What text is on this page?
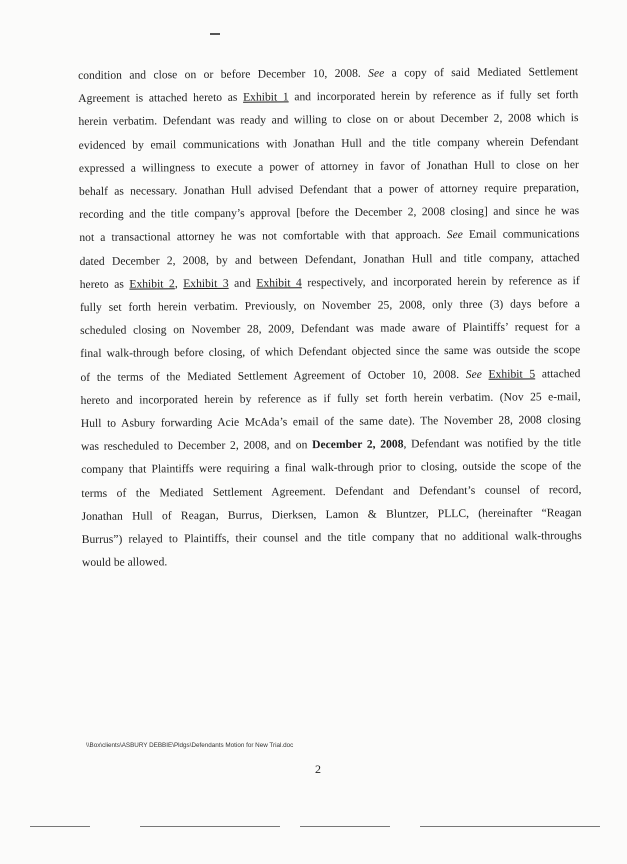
condition and close on or before December 10, 2008. See a copy of said Mediated Settlement
Agreement is attached hereto as Exhibit 1 and incorporated herein by reference as if fully set forth
herein verbatim. Defendant was ready and willing to close on or about December 2, 2008 which is
evidenced by email communications with Jonathan Hull and the title company wherein Defendant
expressed a willingness to execute a power of attorney in favor of Jonathan Hull to close on her
behalf as necessary. Jonathan Hull advised Defendant that a power of attorney require preparation,
recording and the title company’s approval [before the December 2, 2008 closing] and since he was
not a transactional attorney he was not comfortable with that approach. See Email communications
dated December 2, 2008, by and between Defendant, Jonathan Hull and title company, attached
hereto as Exhibit 2, Exhibit 3 and Exhibit 4 respectively, and incorporated herein by reference as if
fully set forth herein verbatim. Previously, on November 25, 2008, only three (3) days before a
scheduled closing on November 28, 2009, Defendant was made aware of Plaintiffs’ request for a
final walk-through before closing, of which Defendant objected since the same was outside the scope
of the terms of the Mediated Settlement Agreement of October 10, 2008. See Exhibit 5 attached
hereto and incorporated herein by reference as if fully set forth herein verbatim. (Nov 25 e-mail,
Hull to Asbury forwarding Acie McAda’s email of the same date). The November 28, 2008 closing
was rescheduled to December 2, 2008, and on December 2, 2008, Defendant was notified by the title
company that Plaintiffs were requiring a final walk-through prior to closing, outside the scope of the
terms of the Mediated Settlement Agreement. Defendant and Defendant’s counsel of record,
Jonathan Hull of Reagan, Burrus, Dierksen, Lamon & Bluntzer, PLLC, (hereinafter “Reagan
Burrus”) relayed to Plaintiffs, their counsel and the title company that no additional walk-throughs
would be allowed.
\\Box\clients\ASBURY DEBBIE\Pldgs\Defendants Motion for New Trial.doc
2
